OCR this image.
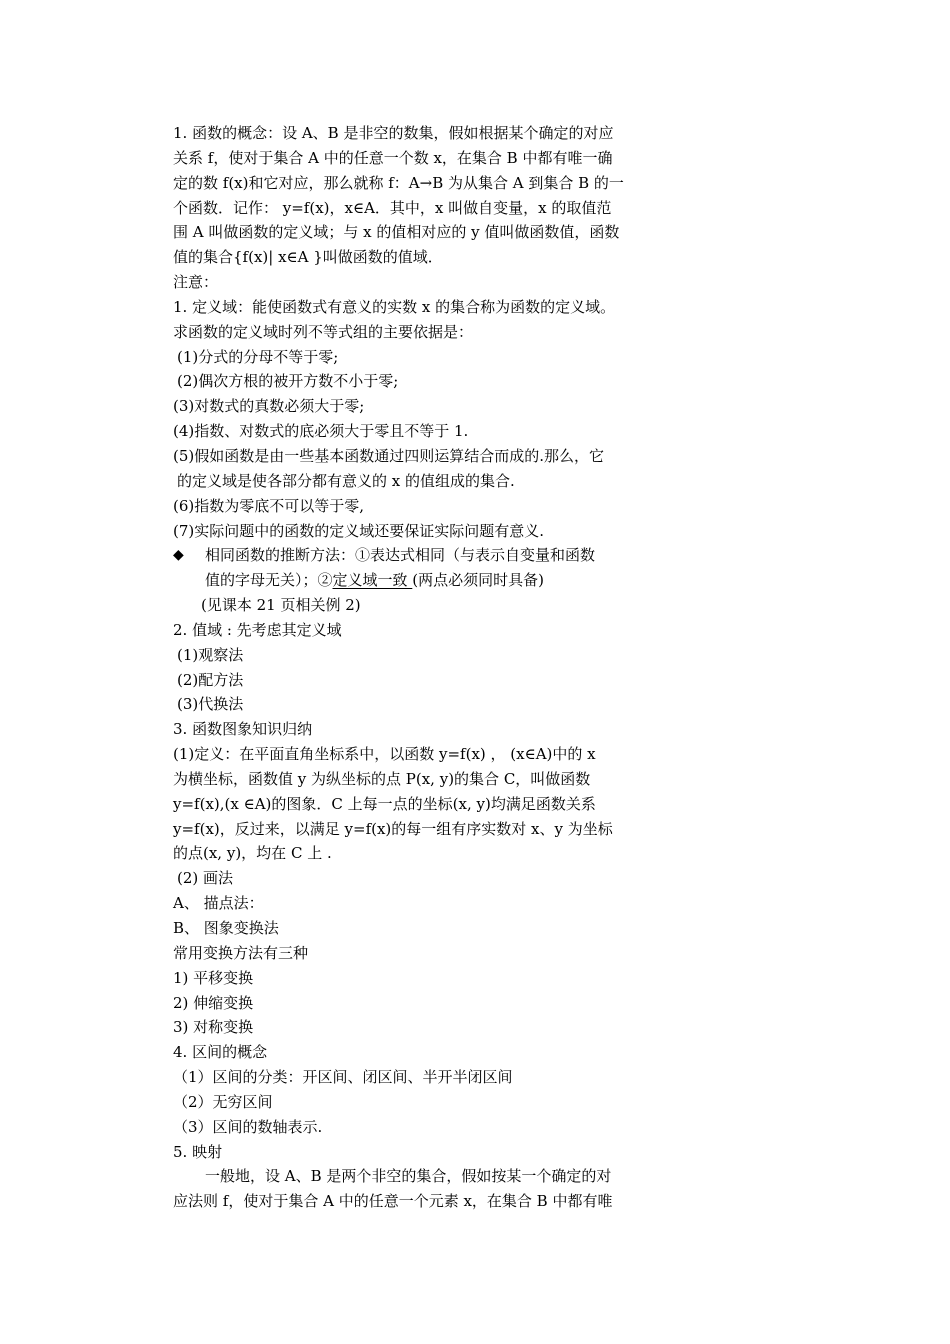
1. 函数的概念：设 A、B 是非空的数集，假如根据某个确定的对应
关系 f，使对于集合 A 中的任意一个数 x，在集合 B 中都有唯一确
定的数 f(x)和它对应，那么就称 f：A→B 为从集合 A 到集合 B 的一
个函数．记作： y=f(x)，x∈A．其中，x 叫做自变量，x 的取值范
围 A 叫做函数的定义域；与 x 的值相对应的 y 值叫做函数值，函数
值的集合{f(x)| x∈A }叫做函数的值域．
注意：
1. 定义域：能使函数式有意义的实数 x 的集合称为函数的定义域。
求函数的定义域时列不等式组的主要依据是：
(1)分式的分母不等于零;
(2)偶次方根的被开方数不小于零;
(3)对数式的真数必须大于零;
(4)指数、对数式的底必须大于零且不等于 1.
(5)假如函数是由一些基本函数通过四则运算结合而成的.那么，它
的定义域是使各部分都有意义的 x 的值组成的集合.
(6)指数为零底不可以等于零,
(7)实际问题中的函数的定义域还要保证实际问题有意义.
◆ 相同函数的推断方法：①表达式相同（与表示自变量和函数
值的字母无关）；②定义域一致 (两点必须同时具备)
(见课本 21 页相关例 2)
2. 值域 : 先考虑其定义域
(1)观察法
(2)配方法
(3)代换法
3. 函数图象知识归纳
(1)定义：在平面直角坐标系中，以函数 y=f(x) ， (x∈A)中的 x
为横坐标，函数值 y 为纵坐标的点 P(x, y)的集合 C，叫做函数
y=f(x),(x ∈A)的图象．C 上每一点的坐标(x, y)均满足函数关系
y=f(x)，反过来，以满足 y=f(x)的每一组有序实数对 x、y 为坐标
的点(x, y)，均在 C 上 .
(2) 画法
A、 描点法：
B、 图象变换法
常用变换方法有三种
1) 平移变换
2) 伸缩变换
3) 对称变换
4. 区间的概念
（1）区间的分类：开区间、闭区间、半开半闭区间
（2）无穷区间
（3）区间的数轴表示.
5. 映射
一般地，设 A、B 是两个非空的集合，假如按某一个确定的对
应法则 f，使对于集合 A 中的任意一个元素 x，在集合 B 中都有唯
